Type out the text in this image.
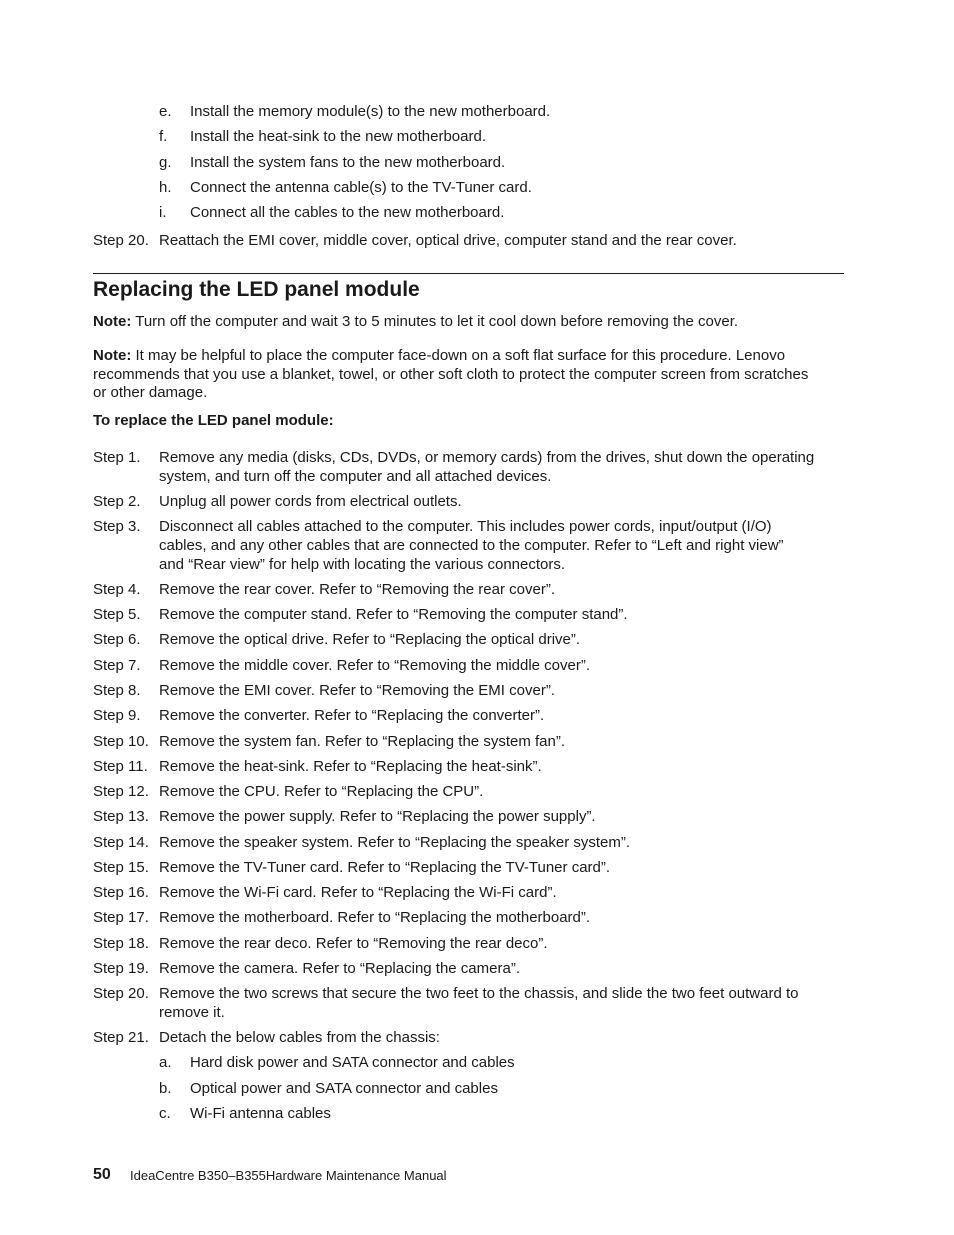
e. Install the memory module(s) to the new motherboard.
f. Install the heat-sink to the new motherboard.
g. Install the system fans to the new motherboard.
h. Connect the antenna cable(s) to the TV-Tuner card.
i. Connect all the cables to the new motherboard.
Step 20. Reattach the EMI cover, middle cover, optical drive, computer stand and the rear cover.
Replacing the LED panel module
Note: Turn off the computer and wait 3 to 5 minutes to let it cool down before removing the cover.
Note: It may be helpful to place the computer face-down on a soft flat surface for this procedure. Lenovo
recommends that you use a blanket, towel, or other soft cloth to protect the computer screen from scratches
or other damage.
To replace the LED panel module:
Step 1. Remove any media (disks, CDs, DVDs, or memory cards) from the drives, shut down the operating
system, and turn off the computer and all attached devices.
Step 2. Unplug all power cords from electrical outlets.
Step 3. Disconnect all cables attached to the computer. This includes power cords, input/output (I/O)
cables, and any other cables that are connected to the computer. Refer to “Left and right view”
and “Rear view” for help with locating the various connectors.
Step 4. Remove the rear cover. Refer to “Removing the rear cover”.
Step 5. Remove the computer stand. Refer to “Removing the computer stand”.
Step 6. Remove the optical drive. Refer to “Replacing the optical drive”.
Step 7. Remove the middle cover. Refer to “Removing the middle cover”.
Step 8. Remove the EMI cover. Refer to “Removing the EMI cover”.
Step 9. Remove the converter. Refer to “Replacing the converter”.
Step 10. Remove the system fan. Refer to “Replacing the system fan”.
Step 11. Remove the heat-sink. Refer to “Replacing the heat-sink”.
Step 12. Remove the CPU. Refer to “Replacing the CPU”.
Step 13. Remove the power supply. Refer to “Replacing the power supply”.
Step 14. Remove the speaker system. Refer to “Replacing the speaker system”.
Step 15. Remove the TV-Tuner card. Refer to “Replacing the TV-Tuner card”.
Step 16. Remove the Wi-Fi card. Refer to “Replacing the Wi-Fi card”.
Step 17. Remove the motherboard. Refer to “Replacing the motherboard”.
Step 18. Remove the rear deco. Refer to “Removing the rear deco”.
Step 19. Remove the camera. Refer to “Replacing the camera”.
Step 20. Remove the two screws that secure the two feet to the chassis, and slide the two feet outward to
remove it.
Step 21. Detach the below cables from the chassis:
a. Hard disk power and SATA connector and cables
b. Optical power and SATA connector and cables
c. Wi-Fi antenna cables
50 IdeaCentre B350–B355Hardware Maintenance Manual
